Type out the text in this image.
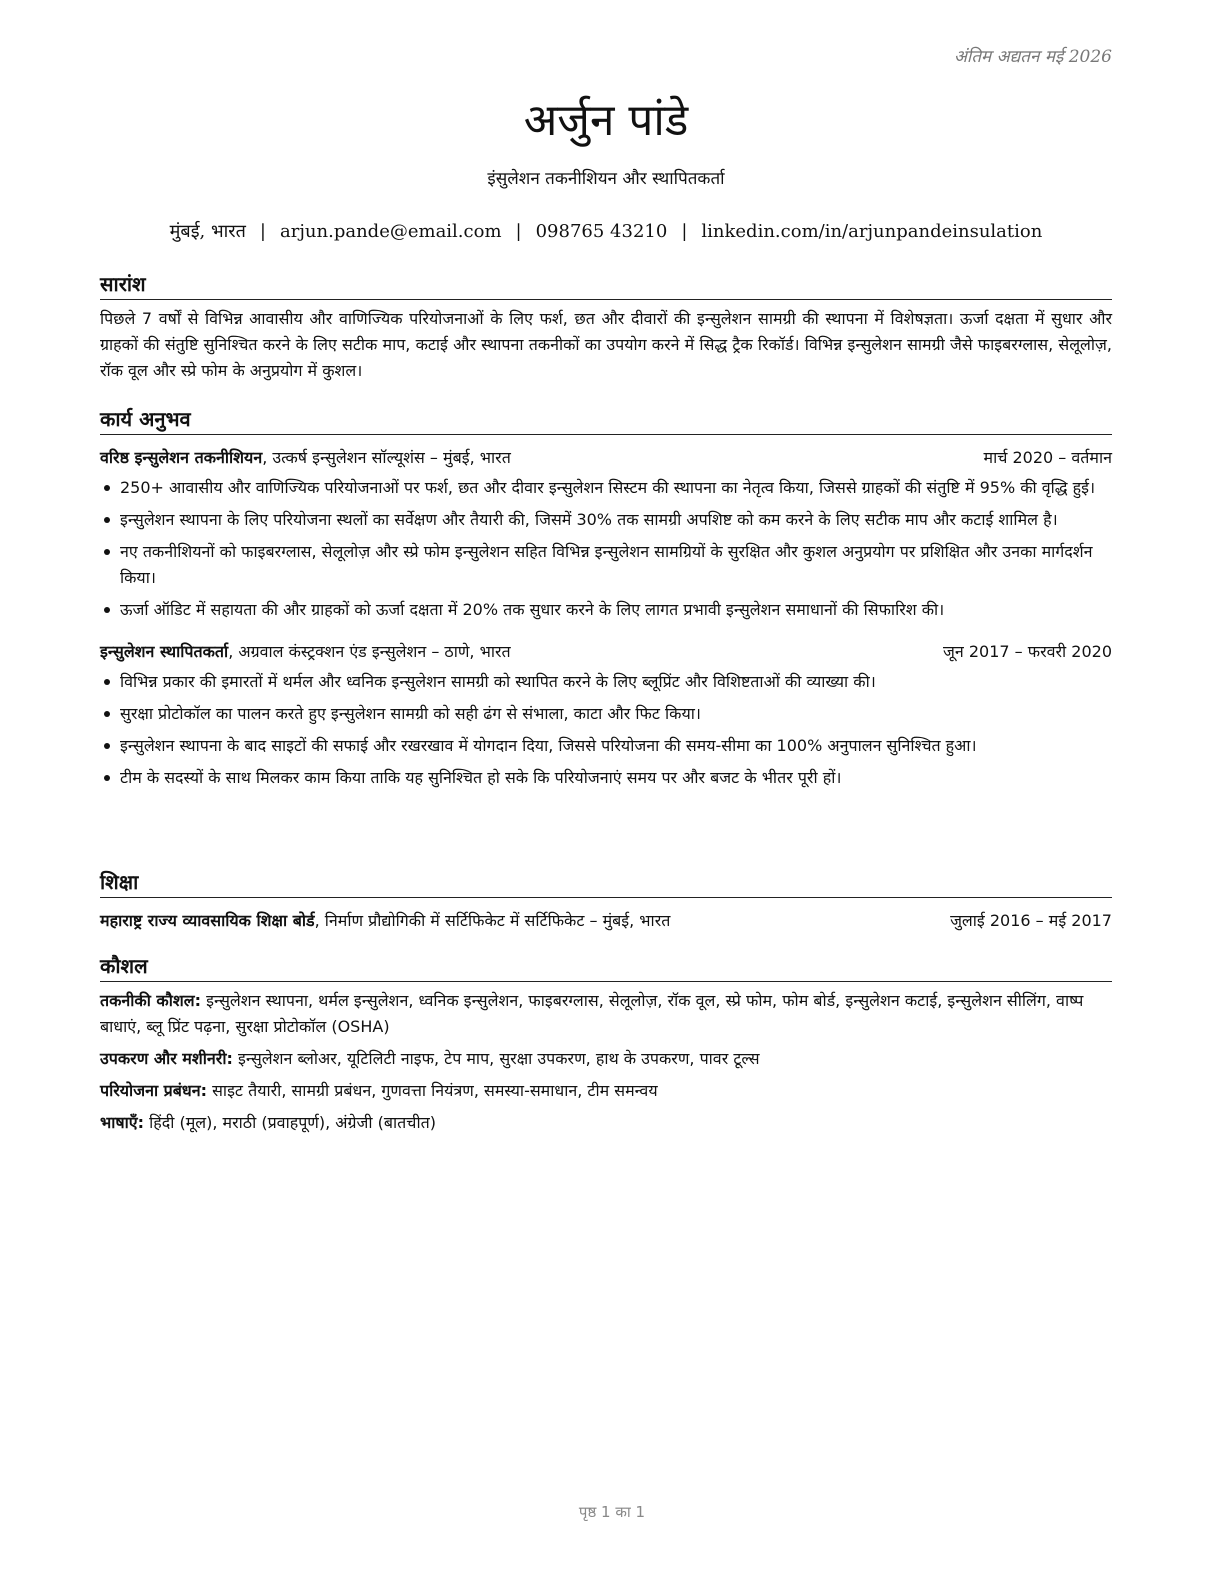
अंतिम अद्यतन मई 2026
अर्जुन पांडे
इंसुलेशन तकनीशियन और स्थापितकर्ता
मुंबई, भारत | arjun.pande@email.com | 098765 43210 | linkedin.com/in/arjunpandeinsulation
सारांश
पिछले 7 वर्षों से विभिन्न आवासीय और वाणिज्यिक परियोजनाओं के लिए फर्श, छत और दीवारों की इन्सुलेशन सामग्री की स्थापना में विशेषज्ञता। ऊर्जा दक्षता में सुधार और ग्राहकों की संतुष्टि सुनिश्चित करने के लिए सटीक माप, कटाई और स्थापना तकनीकों का उपयोग करने में सिद्ध ट्रैक रिकॉर्ड। विभिन्न इन्सुलेशन सामग्री जैसे फाइबरग्लास, सेलूलोज़, रॉक वूल और स्प्रे फोम के अनुप्रयोग में कुशल।
कार्य अनुभव
वरिष्ठ इन्सुलेशन तकनीशियन, उत्कर्ष इन्सुलेशन सॉल्यूशंस – मुंबई, भारत	मार्च 2020 – वर्तमान
250+ आवासीय और वाणिज्यिक परियोजनाओं पर फर्श, छत और दीवार इन्सुलेशन सिस्टम की स्थापना का नेतृत्व किया, जिससे ग्राहकों की संतुष्टि में 95% की वृद्धि हुई।
इन्सुलेशन स्थापना के लिए परियोजना स्थलों का सर्वेक्षण और तैयारी की, जिसमें 30% तक सामग्री अपशिष्ट को कम करने के लिए सटीक माप और कटाई शामिल है।
नए तकनीशियनों को फाइबरग्लास, सेलूलोज़ और स्प्रे फोम इन्सुलेशन सहित विभिन्न इन्सुलेशन सामग्रियों के सुरक्षित और कुशल अनुप्रयोग पर प्रशिक्षित और उनका मार्गदर्शन किया।
ऊर्जा ऑडिट में सहायता की और ग्राहकों को ऊर्जा दक्षता में 20% तक सुधार करने के लिए लागत प्रभावी इन्सुलेशन समाधानों की सिफारिश की।
इन्सुलेशन स्थापितकर्ता, अग्रवाल कंस्ट्रक्शन एंड इन्सुलेशन – ठाणे, भारत	जून 2017 – फरवरी 2020
विभिन्न प्रकार की इमारतों में थर्मल और ध्वनिक इन्सुलेशन सामग्री को स्थापित करने के लिए ब्लूप्रिंट और विशिष्टताओं की व्याख्या की।
सुरक्षा प्रोटोकॉल का पालन करते हुए इन्सुलेशन सामग्री को सही ढंग से संभाला, काटा और फिट किया।
इन्सुलेशन स्थापना के बाद साइटों की सफाई और रखरखाव में योगदान दिया, जिससे परियोजना की समय-सीमा का 100% अनुपालन सुनिश्चित हुआ।
टीम के सदस्यों के साथ मिलकर काम किया ताकि यह सुनिश्चित हो सके कि परियोजनाएं समय पर और बजट के भीतर पूरी हों।
शिक्षा
महाराष्ट्र राज्य व्यावसायिक शिक्षा बोर्ड, निर्माण प्रौद्योगिकी में सर्टिफिकेट में सर्टिफिकेट – मुंबई, भारत	जुलाई 2016 – मई 2017
कौशल
तकनीकी कौशल: इन्सुलेशन स्थापना, थर्मल इन्सुलेशन, ध्वनिक इन्सुलेशन, फाइबरग्लास, सेलूलोज़, रॉक वूल, स्प्रे फोम, फोम बोर्ड, इन्सुलेशन कटाई, इन्सुलेशन सीलिंग, वाष्प बाधाएं, ब्लू प्रिंट पढ़ना, सुरक्षा प्रोटोकॉल (OSHA)
उपकरण और मशीनरी: इन्सुलेशन ब्लोअर, यूटिलिटी नाइफ, टेप माप, सुरक्षा उपकरण, हाथ के उपकरण, पावर टूल्स
परियोजना प्रबंधन: साइट तैयारी, सामग्री प्रबंधन, गुणवत्ता नियंत्रण, समस्या-समाधान, टीम समन्वय
भाषाएँ: हिंदी (मूल), मराठी (प्रवाहपूर्ण), अंग्रेजी (बातचीत)
पृष्ठ 1 का 1
